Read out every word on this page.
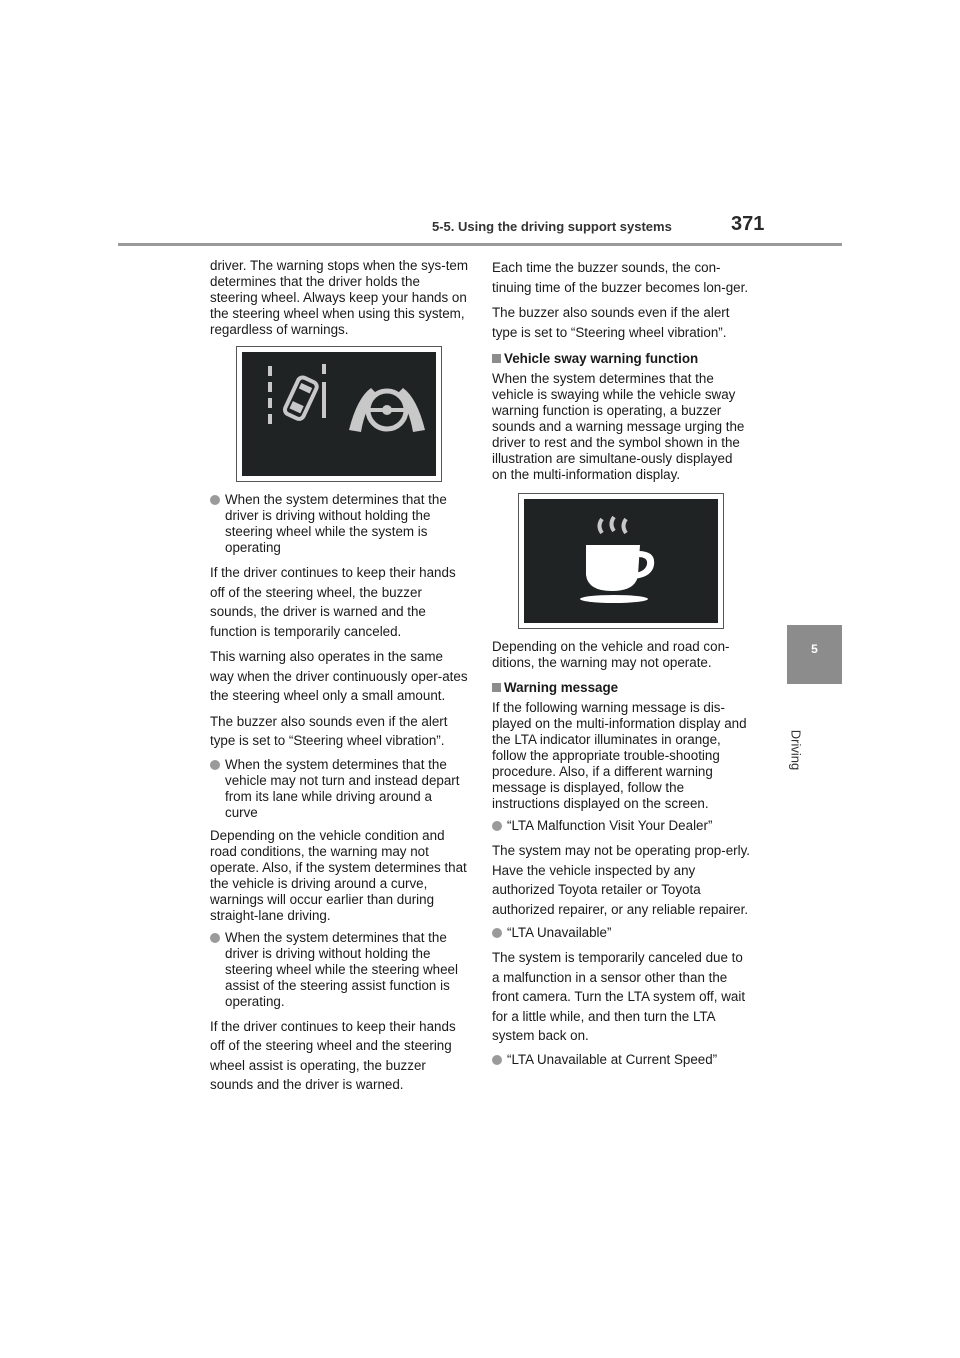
5-5. Using the driving support systems	371
5
Driving

driver. The warning stops when the sys-tem determines that the driver holds the steering wheel. Always keep your hands on the steering wheel when using this system, regardless of warnings.

When the system determines that the driver is driving without holding the steering wheel while the system is operating

If the driver continues to keep their hands off of the steering wheel, the buzzer sounds, the driver is warned and the function is temporarily canceled.

This warning also operates in the same way when the driver continuously oper-ates the steering wheel only a small amount.

The buzzer also sounds even if the alert type is set to “Steering wheel vibration”.

When the system determines that the vehicle may not turn and instead depart from its lane while driving around a curve

Depending on the vehicle condition and road conditions, the warning may not operate. Also, if the system determines that the vehicle is driving around a curve, warnings will occur earlier than during straight-lane driving.

When the system determines that the driver is driving without holding the steering wheel while the steering wheel assist of the steering assist function is operating.

If the driver continues to keep their hands off of the steering wheel and the steering wheel assist is operating, the buzzer sounds and the driver is warned.

Each time the buzzer sounds, the con-tinuing time of the buzzer becomes lon-ger.

The buzzer also sounds even if the alert type is set to “Steering wheel vibration”.

Vehicle sway warning function

When the system determines that the vehicle is swaying while the vehicle sway warning function is operating, a buzzer sounds and a warning message urging the driver to rest and the symbol shown in the illustration are simultane-ously displayed on the multi-information display.

Depending on the vehicle and road con-ditions, the warning may not operate.

Warning message

If the following warning message is dis-played on the multi-information display and the LTA indicator illuminates in orange, follow the appropriate trouble-shooting procedure. Also, if a different warning message is displayed, follow the instructions displayed on the screen.

“LTA Malfunction Visit Your Dealer”

The system may not be operating prop-erly. Have the vehicle inspected by any authorized Toyota retailer or Toyota authorized repairer, or any reliable repairer.

“LTA Unavailable”

The system is temporarily canceled due to a malfunction in a sensor other than the front camera. Turn the LTA system off, wait for a little while, and then turn the LTA system back on.

“LTA Unavailable at Current Speed”
